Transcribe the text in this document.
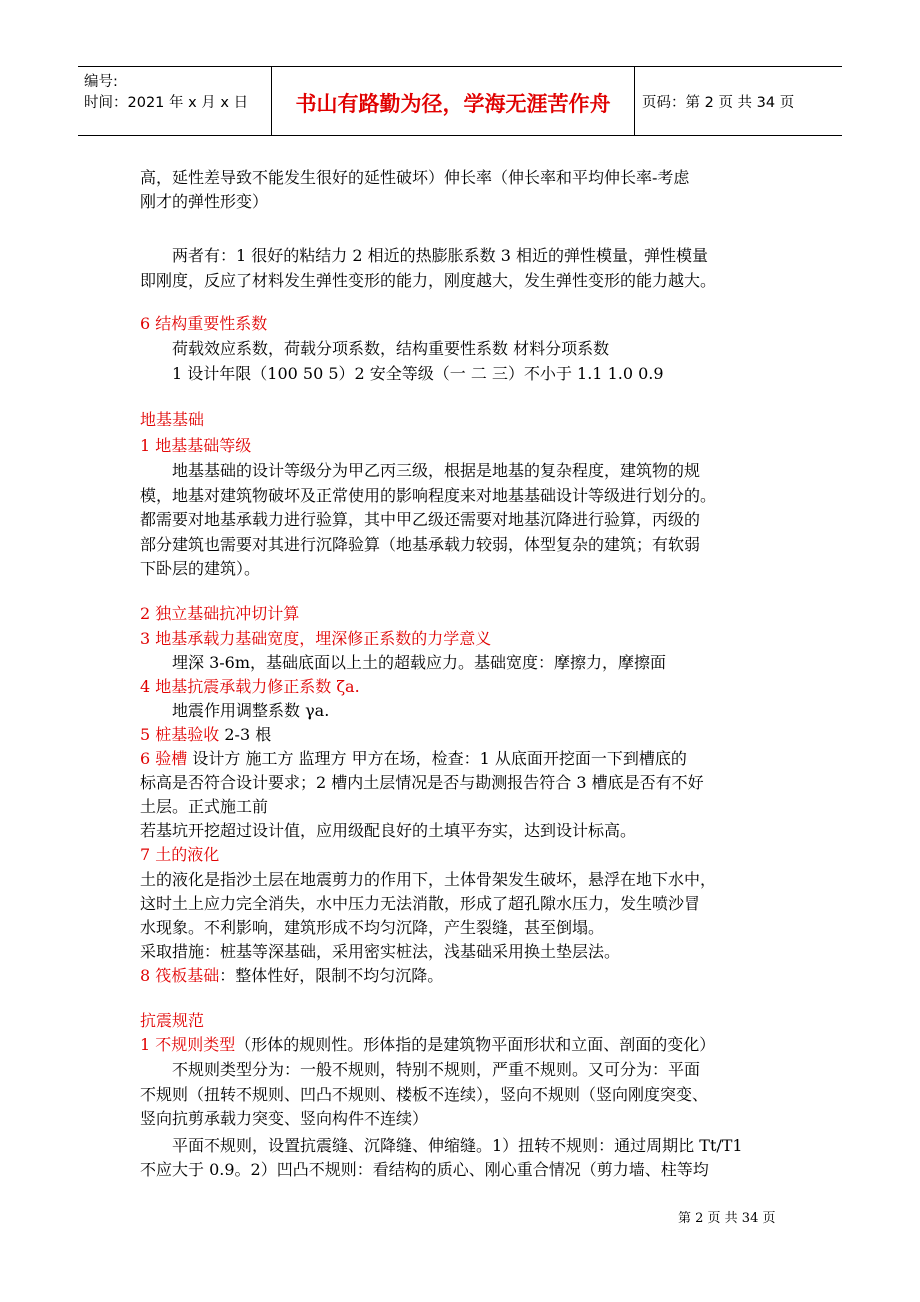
编号:
时间：2021 年 x 月 x 日	书山有路勤为径，学海无涯苦作舟	页码：第 2 页 共 34 页
高，延性差导致不能发生很好的延性破坏）伸长率（伸长率和平均伸长率-考虑
刚才的弹性形变）
两者有：1 很好的粘结力 2 相近的热膨胀系数 3 相近的弹性模量，弹性模量
即刚度，反应了材料发生弹性变形的能力，刚度越大，发生弹性变形的能力越大。
6 结构重要性系数
荷载效应系数，荷载分项系数，结构重要性系数 材料分项系数
1 设计年限（100 50 5）2 安全等级（一 二 三）不小于 1.1 1.0 0.9
地基基础
1 地基基础等级
地基基础的设计等级分为甲乙丙三级，根据是地基的复杂程度，建筑物的规
模，地基对建筑物破坏及正常使用的影响程度来对地基基础设计等级进行划分的。
都需要对地基承载力进行验算，其中甲乙级还需要对地基沉降进行验算，丙级的
部分建筑也需要对其进行沉降验算（地基承载力较弱，体型复杂的建筑；有软弱
下卧层的建筑）。
2 独立基础抗冲切计算
3 地基承载力基础宽度，埋深修正系数的力学意义
埋深 3-6m，基础底面以上土的超载应力。基础宽度：摩擦力，摩擦面
4 地基抗震承载力修正系数 ζa.
地震作用调整系数 γa.
5 桩基验收 2-3 根
6 验槽 设计方 施工方 监理方 甲方在场，检查：1 从底面开挖面一下到槽底的
标高是否符合设计要求；2 槽内土层情况是否与勘测报告符合 3 槽底是否有不好
土层。正式施工前
若基坑开挖超过设计值，应用级配良好的土填平夯实，达到设计标高。
7 土的液化
土的液化是指沙土层在地震剪力的作用下，土体骨架发生破坏，悬浮在地下水中，
这时土上应力完全消失，水中压力无法消散，形成了超孔隙水压力，发生喷沙冒
水现象。不利影响，建筑形成不均匀沉降，产生裂缝，甚至倒塌。
采取措施：桩基等深基础，采用密实桩法，浅基础采用换土垫层法。
8 筏板基础：整体性好，限制不均匀沉降。
抗震规范
1 不规则类型（形体的规则性。形体指的是建筑物平面形状和立面、剖面的变化）
不规则类型分为：一般不规则，特别不规则，严重不规则。又可分为：平面
不规则（扭转不规则、凹凸不规则、楼板不连续），竖向不规则（竖向刚度突变、
竖向抗剪承载力突变、竖向构件不连续）
平面不规则，设置抗震缝、沉降缝、伸缩缝。1）扭转不规则：通过周期比 Tt/T1
不应大于 0.9。2）凹凸不规则：看结构的质心、刚心重合情况（剪力墙、柱等均
第 2 页 共 34 页
